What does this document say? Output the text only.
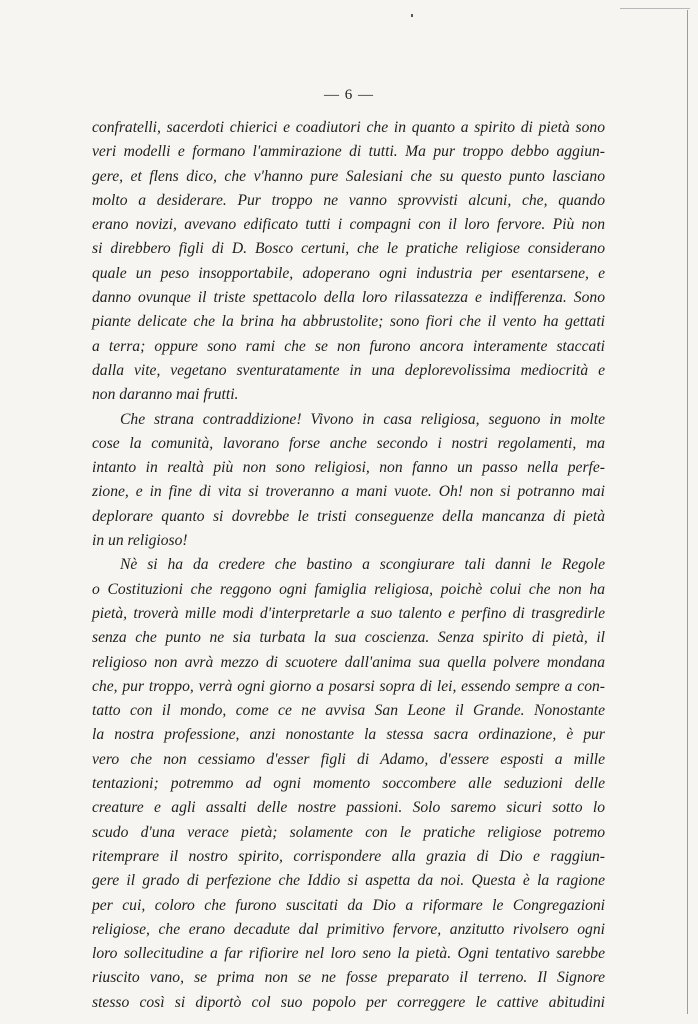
— 6 —
confratelli, sacerdoti chierici e coadiutori che in quanto a spirito di pietà sono
veri modelli e formano l'ammirazione di tutti. Ma pur troppo debbo aggiun-
gere, et flens dico, che v'hanno pure Salesiani che su questo punto lasciano
molto a desiderare. Pur troppo ne vanno sprovvisti alcuni, che, quando
erano novizi, avevano edificato tutti i compagni con il loro fervore. Più non
si direbbero figli di D. Bosco certuni, che le pratiche religiose considerano
quale un peso insopportabile, adoperano ogni industria per esentarsene, e
danno ovunque il triste spettacolo della loro rilassatezza e indifferenza. Sono
piante delicate che la brina ha abbrustolite; sono fiori che il vento ha gettati
a terra; oppure sono rami che se non furono ancora interamente staccati
dalla vite, vegetano sventuratamente in una deplorevolissima mediocrità e
non daranno mai frutti.
Che strana contraddizione! Vivono in casa religiosa, seguono in molte
cose la comunità, lavorano forse anche secondo i nostri regolamenti, ma
intanto in realtà più non sono religiosi, non fanno un passo nella perfe-
zione, e in fine di vita si troveranno a mani vuote. Oh! non si potranno mai
deplorare quanto si dovrebbe le tristi conseguenze della mancanza di pietà
in un religioso!
Nè si ha da credere che bastino a scongiurare tali danni le Regole
o Costituzioni che reggono ogni famiglia religiosa, poichè colui che non ha
pietà, troverà mille modi d'interpretarle a suo talento e perfino di trasgredirle
senza che punto ne sia turbata la sua coscienza. Senza spirito di pietà, il
religioso non avrà mezzo di scuotere dall'anima sua quella polvere mondana
che, pur troppo, verrà ogni giorno a posarsi sopra di lei, essendo sempre a con-
tatto con il mondo, come ce ne avvisa San Leone il Grande. Nonostante
la nostra professione, anzi nonostante la stessa sacra ordinazione, è pur
vero che non cessiamo d'esser figli di Adamo, d'essere esposti a mille
tentazioni; potremmo ad ogni momento soccombere alle seduzioni delle
creature e agli assalti delle nostre passioni. Solo saremo sicuri sotto lo
scudo d'una verace pietà; solamente con le pratiche religiose potremo
ritemprare il nostro spirito, corrispondere alla grazia di Dio e raggiun-
gere il grado di perfezione che Iddio si aspetta da noi. Questa è la ragione
per cui, coloro che furono suscitati da Dio a riformare le Congregazioni
religiose, che erano decadute dal primitivo fervore, anzitutto rivolsero ogni
loro sollecitudine a far rifiorire nel loro seno la pietà. Ogni tentativo sarebbe
riuscito vano, se prima non se ne fosse preparato il terreno. Il Signore
stesso così si diportò col suo popolo per correggere le cattive abitudini
